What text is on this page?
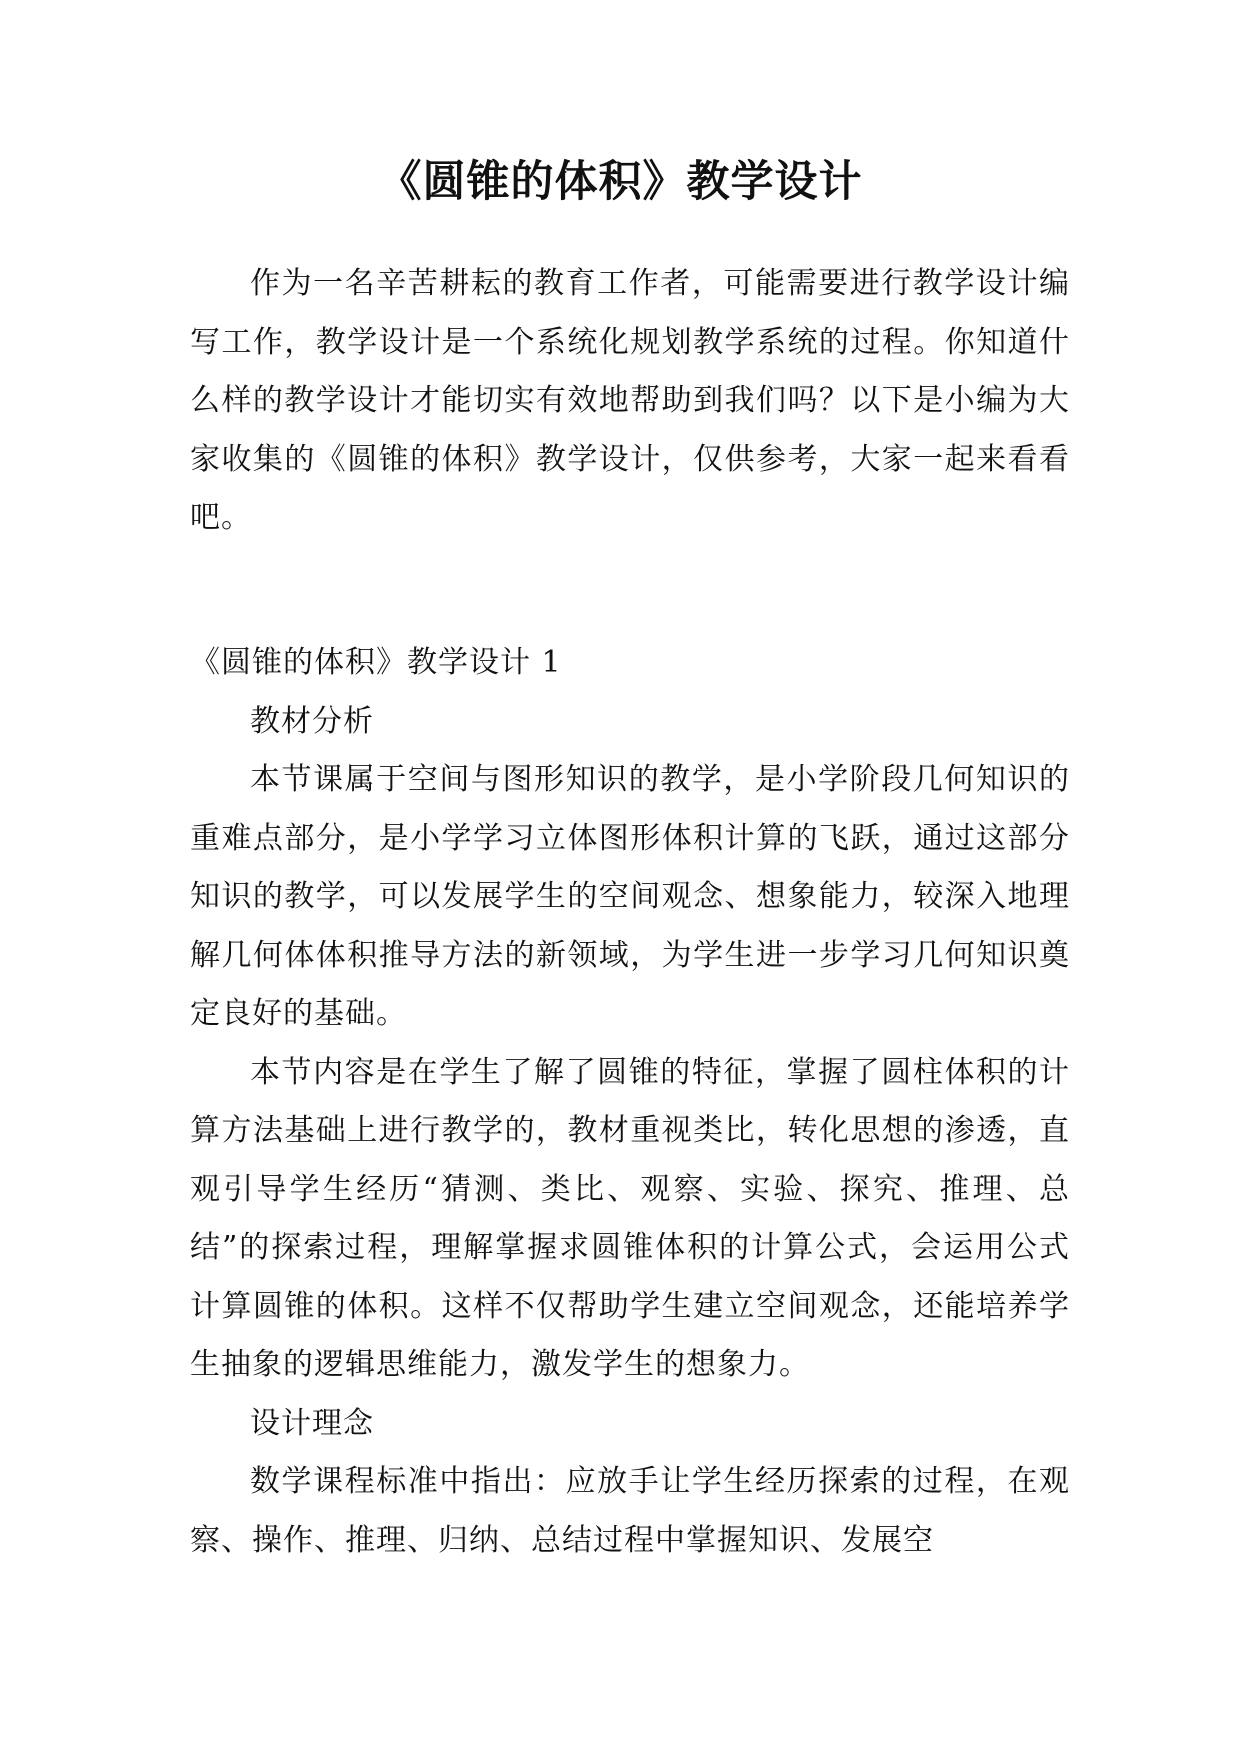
《圆锥的体积》教学设计

作为一名辛苦耕耘的教育工作者，可能需要进行教学设计编写工作，教学设计是一个系统化规划教学系统的过程。你知道什么样的教学设计才能切实有效地帮助到我们吗？以下是小编为大家收集的《圆锥的体积》教学设计，仅供参考，大家一起来看看吧。

《圆锥的体积》教学设计 1

教材分析

本节课属于空间与图形知识的教学，是小学阶段几何知识的重难点部分，是小学学习立体图形体积计算的飞跃，通过这部分知识的教学，可以发展学生的空间观念、想象能力，较深入地理解几何体体积推导方法的新领域，为学生进一步学习几何知识奠定良好的基础。

本节内容是在学生了解了圆锥的特征，掌握了圆柱体积的计算方法基础上进行教学的，教材重视类比，转化思想的渗透，直观引导学生经历“猜测、类比、观察、实验、探究、推理、总结”的探索过程，理解掌握求圆锥体积的计算公式，会运用公式计算圆锥的体积。这样不仅帮助学生建立空间观念，还能培养学生抽象的逻辑思维能力，激发学生的想象力。

设计理念

数学课程标准中指出：应放手让学生经历探索的过程，在观察、操作、推理、归纳、总结过程中掌握知识、发展空
